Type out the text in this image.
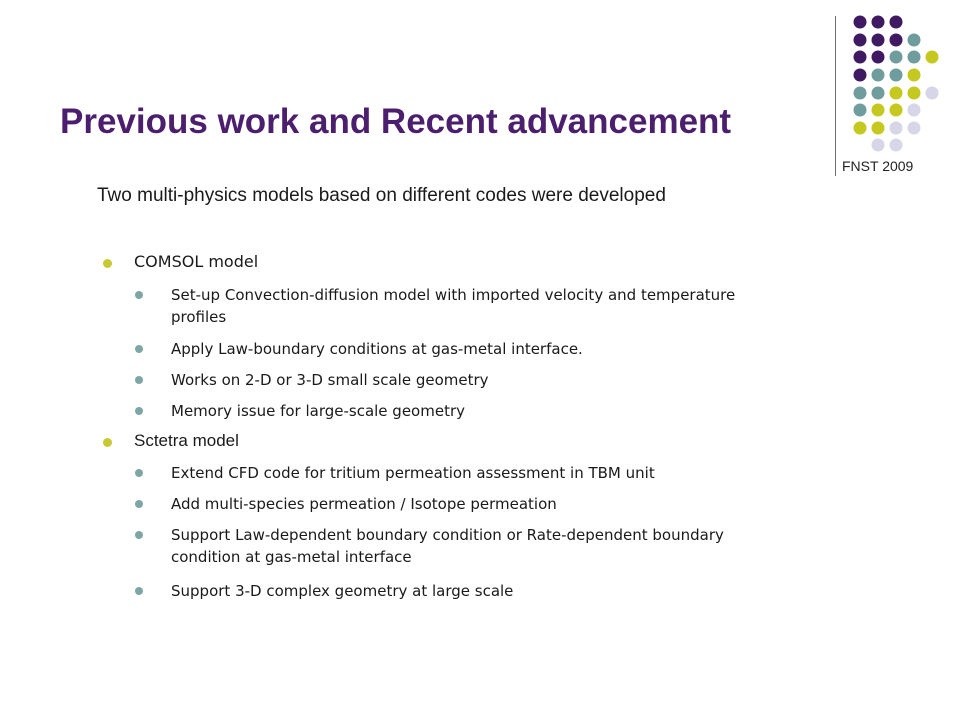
FNST 2009
Previous work and Recent advancement
Two multi-physics models based on different codes were developed
COMSOL model
Set-up Convection-diffusion model with imported velocity and temperature profiles
Apply Law-boundary conditions at gas-metal interface.
Works on 2-D or 3-D small scale geometry
Memory issue for large-scale geometry
Sctetra model
Extend CFD code for tritium permeation assessment in TBM unit
Add multi-species permeation / Isotope permeation
Support Law-dependent boundary condition or Rate-dependent boundary condition at gas-metal interface
Support 3-D complex geometry at large scale
